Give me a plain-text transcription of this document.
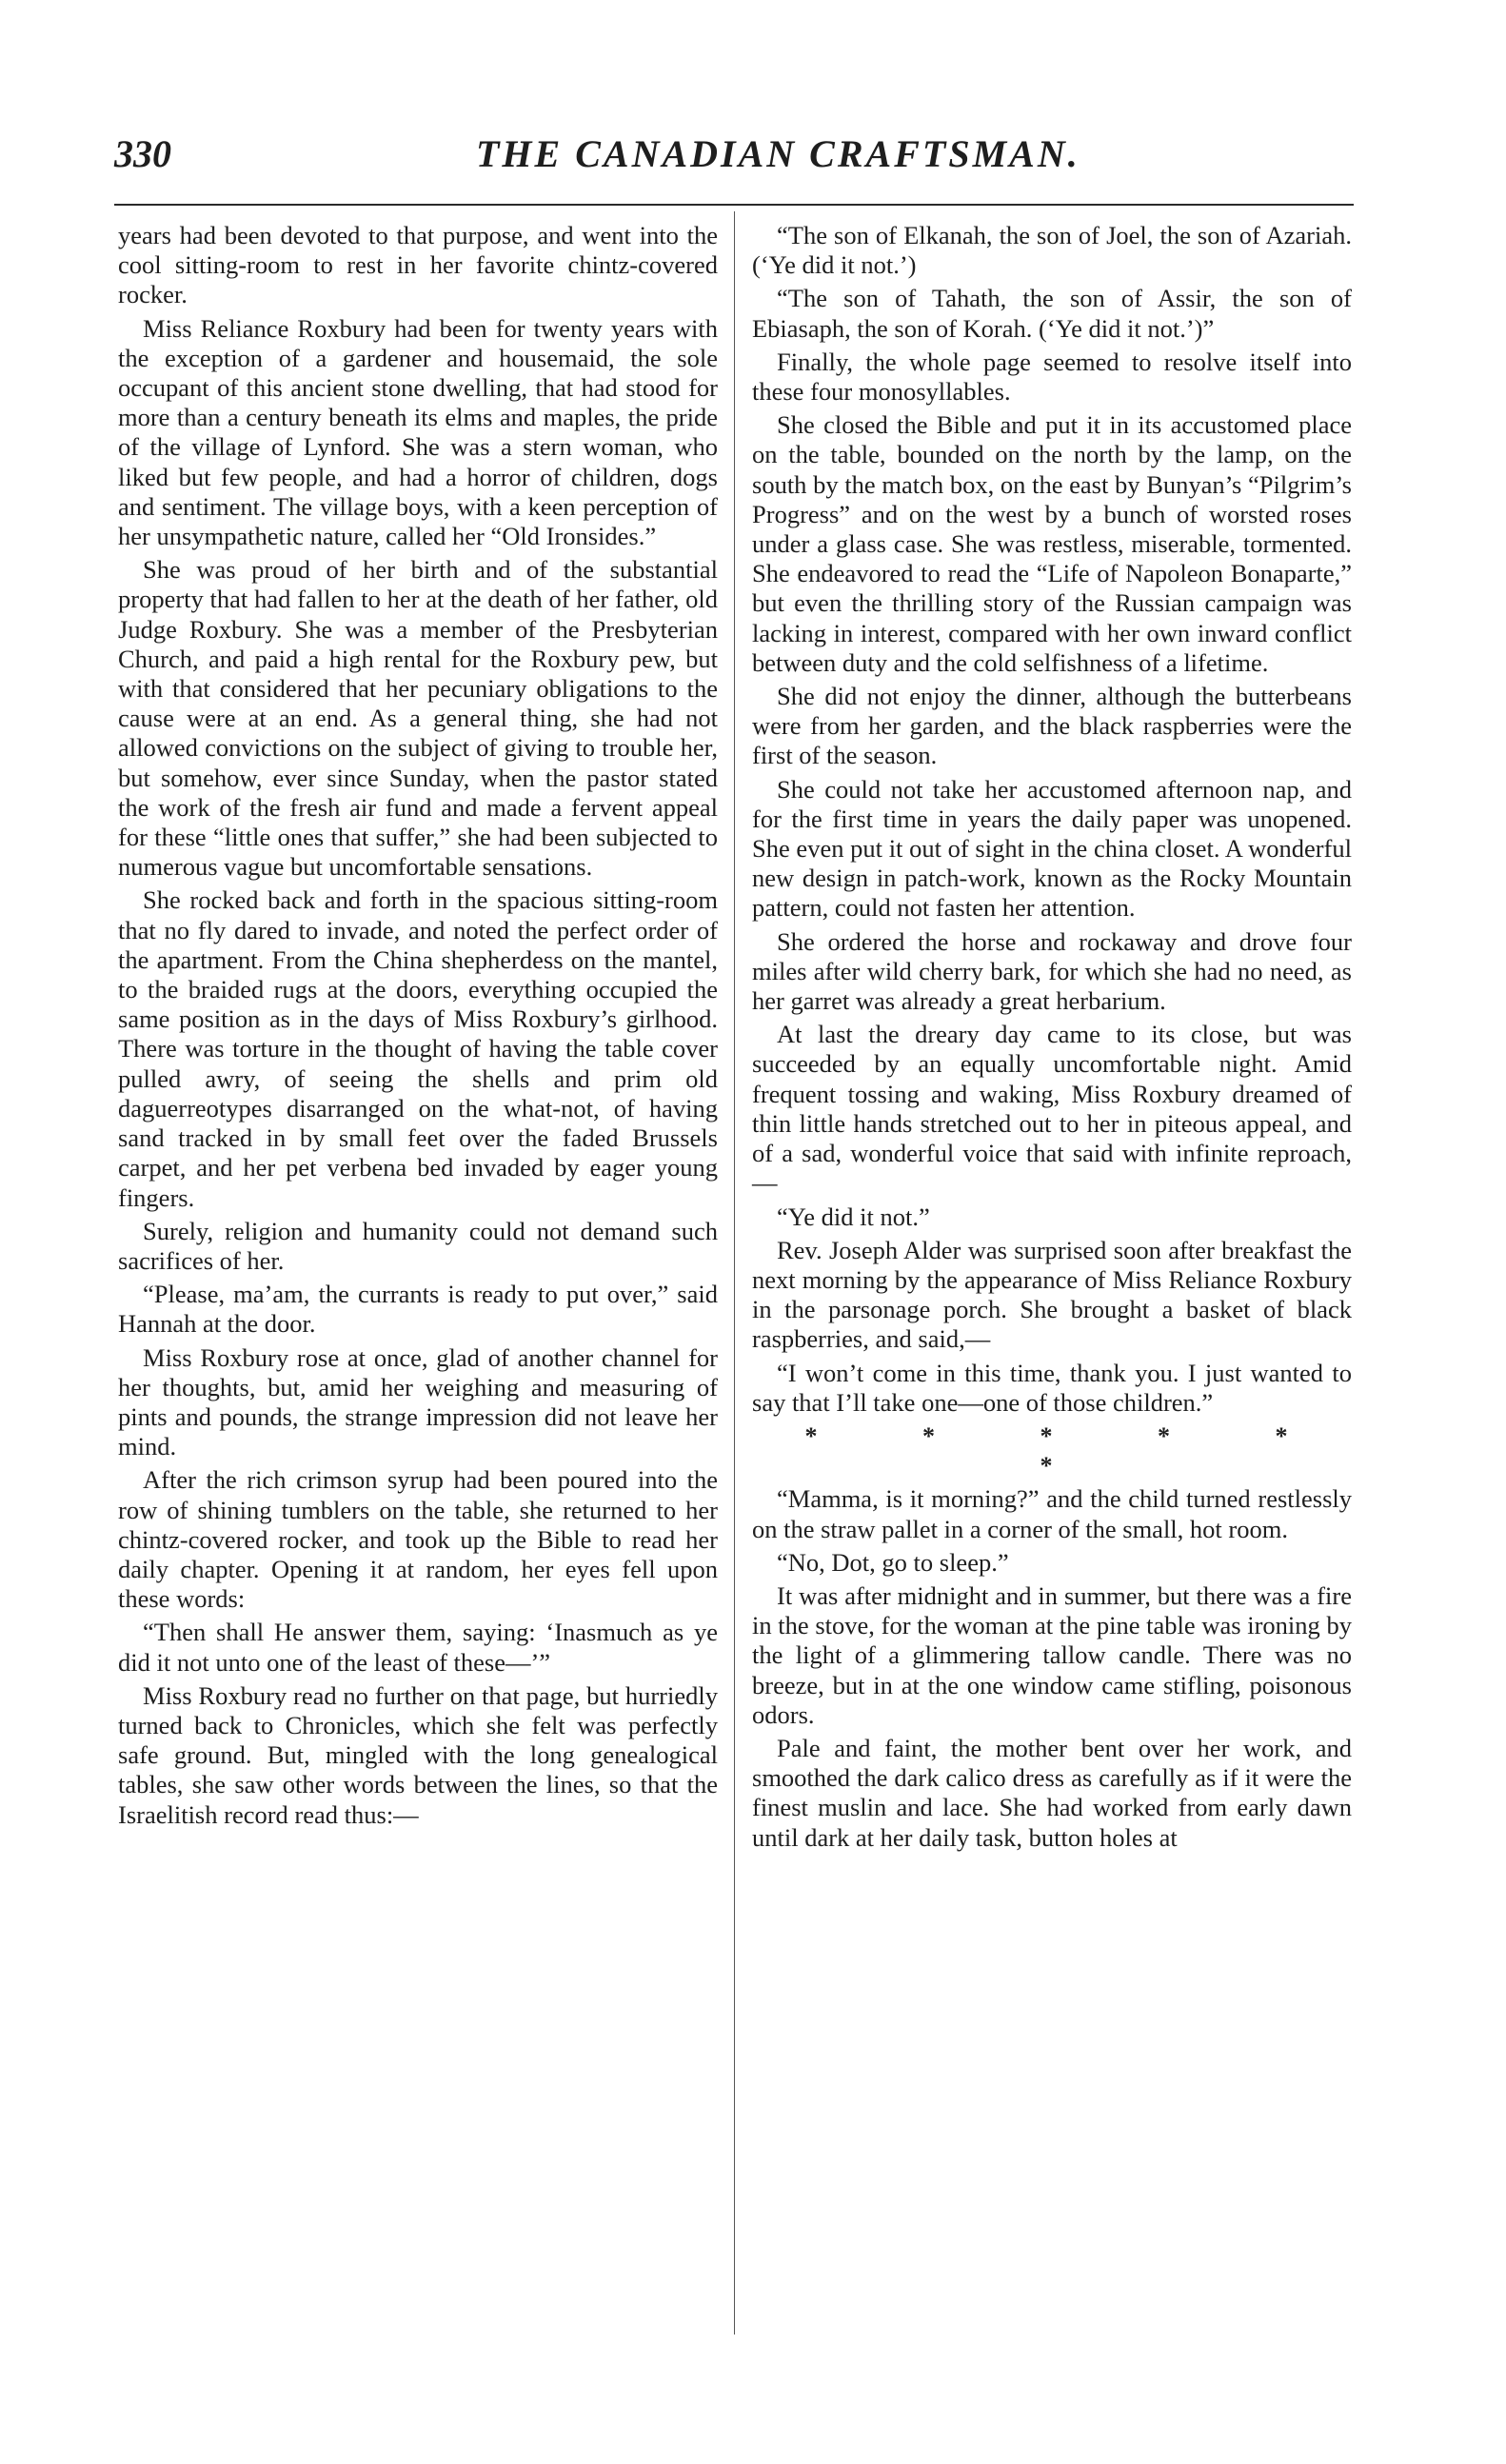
330	THE CANADIAN CRAFTSMAN.

years had been devoted to that purpose, and went into the cool sitting-room to rest in her favorite chintz-covered rocker.

Miss Reliance Roxbury had been for twenty years with the exception of a gardener and housemaid, the sole occupant of this ancient stone dwelling, that had stood for more than a century beneath its elms and maples, the pride of the village of Lynford. She was a stern woman, who liked but few people, and had a horror of children, dogs and sentiment. The village boys, with a keen perception of her unsympathetic nature, called her “Old Ironsides.”

She was proud of her birth and of the substantial property that had fallen to her at the death of her father, old Judge Roxbury. She was a member of the Presbyterian Church, and paid a high rental for the Roxbury pew, but with that considered that her pecuniary obligations to the cause were at an end. As a general thing, she had not allowed convictions on the subject of giving to trouble her, but somehow, ever since Sunday, when the pastor stated the work of the fresh air fund and made a fervent appeal for these “little ones that suffer,” she had been subjected to numerous vague but uncomfortable sensations.

She rocked back and forth in the spacious sitting-room that no fly dared to invade, and noted the perfect order of the apartment. From the China shepherdess on the mantel, to the braided rugs at the doors, everything occupied the same position as in the days of Miss Roxbury’s girlhood. There was torture in the thought of having the table cover pulled awry, of seeing the shells and prim old daguerreotypes disarranged on the what-not, of having sand tracked in by small feet over the faded Brussels carpet, and her pet verbena bed invaded by eager young fingers.

Surely, religion and humanity could not demand such sacrifices of her.

“Please, ma’am, the currants is ready to put over,” said Hannah at the door.

Miss Roxbury rose at once, glad of another channel for her thoughts, but, amid her weighing and measuring of pints and pounds, the strange impression did not leave her mind.

After the rich crimson syrup had been poured into the row of shining tumblers on the table, she returned to her chintz-covered rocker, and took up the Bible to read her daily chapter. Opening it at random, her eyes fell upon these words:

“Then shall He answer them, saying: ‘Inasmuch as ye did it not unto one of the least of these—’”

Miss Roxbury read no further on that page, but hurriedly turned back to Chronicles, which she felt was perfectly safe ground. But, mingled with the long genealogical tables, she saw other words between the lines, so that the Israelitish record read thus:—

“The son of Elkanah, the son of Joel, the son of Azariah. (‘Ye did it not.’)

“The son of Tahath, the son of Assir, the son of Ebiasaph, the son of Korah. (‘Ye did it not.’)”

Finally, the whole page seemed to resolve itself into these four monosyllables.

She closed the Bible and put it in its accustomed place on the table, bounded on the north by the lamp, on the south by the match box, on the east by Bunyan’s “Pilgrim’s Progress” and on the west by a bunch of worsted roses under a glass case. She was restless, miserable, tormented. She endeavored to read the “Life of Napoleon Bonaparte,” but even the thrilling story of the Russian campaign was lacking in interest, compared with her own inward conflict between duty and the cold selfishness of a lifetime.

She did not enjoy the dinner, although the butterbeans were from her garden, and the black raspberries were the first of the season.

She could not take her accustomed afternoon nap, and for the first time in years the daily paper was unopened. She even put it out of sight in the china closet. A wonderful new design in patch-work, known as the Rocky Mountain pattern, could not fasten her attention.

She ordered the horse and rockaway and drove four miles after wild cherry bark, for which she had no need, as her garret was already a great herbarium.

At last the dreary day came to its close, but was succeeded by an equally uncomfortable night. Amid frequent tossing and waking, Miss Roxbury dreamed of thin little hands stretched out to her in piteous appeal, and of a sad, wonderful voice that said with infinite reproach,—

“Ye did it not.”

Rev. Joseph Alder was surprised soon after breakfast the next morning by the appearance of Miss Reliance Roxbury in the parsonage porch. She brought a basket of black raspberries, and said,—

“I won’t come in this time, thank you. I just wanted to say that I’ll take one—one of those children.”

* * * * * *

“Mamma, is it morning?” and the child turned restlessly on the straw pallet in a corner of the small, hot room.

“No, Dot, go to sleep.”

It was after midnight and in summer, but there was a fire in the stove, for the woman at the pine table was ironing by the light of a glimmering tallow candle. There was no breeze, but in at the one window came stifling, poisonous odors.

Pale and faint, the mother bent over her work, and smoothed the dark calico dress as carefully as if it were the finest muslin and lace. She had worked from early dawn until dark at her daily task, button holes at
